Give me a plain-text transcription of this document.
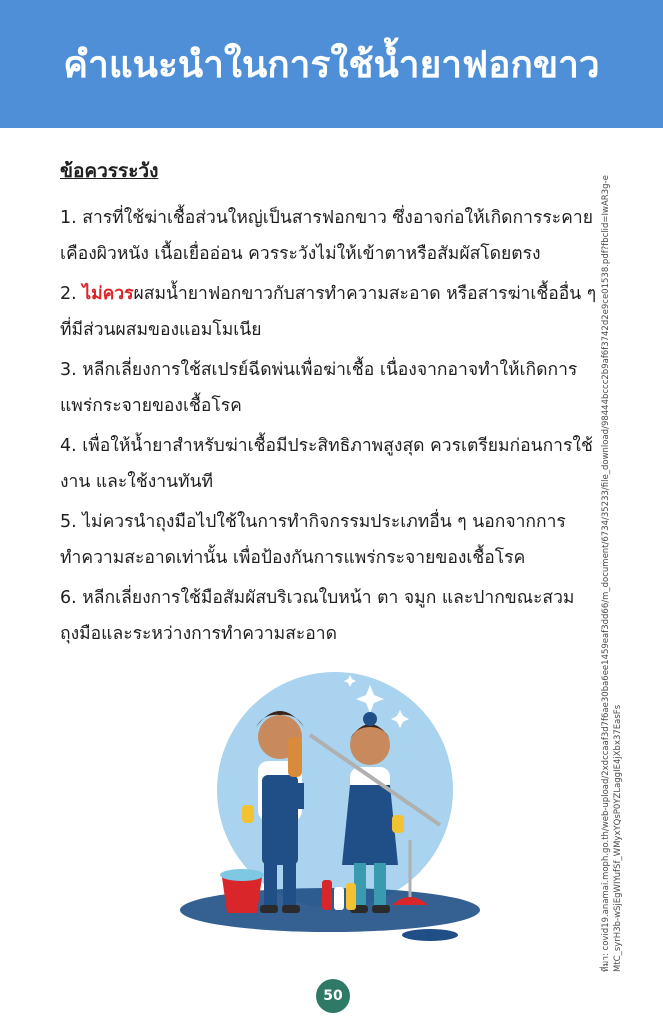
คำแนะนำในการใช้น้ำยาฟอกขาว
ข้อควรระวัง

1. สารที่ใช้ฆ่าเชื้อส่วนใหญ่เป็นสารฟอกขาว ซึ่งอาจก่อให้เกิดการระคายเคืองผิวหนัง เนื้อเยื่ออ่อน ควรระวังไม่ให้เข้าตาหรือสัมผัสโดยตรง

2. ไม่ควรผสมน้ำยาฟอกขาวกับสารทำความสะอาด หรือสารฆ่าเชื้ออื่น ๆ ที่มีส่วนผสมของแอมโมเนีย

3. หลีกเลี่ยงการใช้สเปรย์ฉีดพ่นเพื่อฆ่าเชื้อ เนื่องจากอาจทำให้เกิดการแพร่กระจายของเชื้อโรค

4. เพื่อให้น้ำยาสำหรับฆ่าเชื้อมีประสิทธิภาพสูงสุด ควรเตรียมก่อนการใช้งาน และใช้งานทันที

5. ไม่ควรนำถุงมือไปใช้ในการทำกิจกรรมประเภทอื่น ๆ นอกจากการทำความสะอาดเท่านั้น เพื่อป้องกันการแพร่กระจายของเชื้อโรค

6. หลีกเลี่ยงการใช้มือสัมผัสบริเวณใบหน้า ตา จมูก และปากขณะสวมถุงมือและระหว่างการทำความสะอาด	ที่มา: covid19.anamai.moph.go.th/web-upload/2xdccaaf3d7f6ae30ba6ee1459eaf3dd66/m_document/6734/35233/file_download/98444bccc2b9af6f3742d2e9ce01538.pdf?fbclid=IwAR3g-eMtC_syrH3b-wSjEgWIYufSf_WMyxYQsP0YZLaggIE4jXbx37EasFs
50
